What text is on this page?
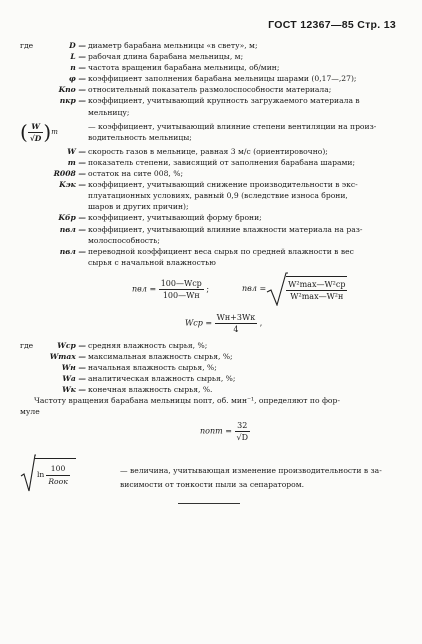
ГОСТ 12367—85 Стр. 13
где	D — диаметр барабана мельницы «в свету», м;
L — рабочая длина барабана мельницы, м;
n — частота вращения барабана мельницы, об/мин;
φ — коэффициент заполнения барабана мельницы шарами (0,17—,27);
Kпо — относительный показатель размолоспособности материала;
nкр — коэффициент, учитывающий крупность загружаемого материала в
мельницу;
( $\frac{W}{√D}$ ) m
— коэффициент, учитывающий влияние степени вентиляции на произ-
водительность мельницы;
W — скорость газов в мельнице, равная 3 м/с (ориентировочно);
m — показатель степени, зависящий от заполнения барабана шарами;
R008 — остаток на сите 008, %;
Kэк — коэффициент, учитывающий снижение производительности в экс-
плуатационных условиях, равный 0,9 (вследствие износа брони,
шаров и других причин);
Kбр — коэффициент, учитывающий форму брони;
nвл — коэффициент, учитывающий влияние влажности материала на раз-
молоспособность;
nвл — переводной коэффициент веса сырья по средней влажности в вес
сырья с начальной влажностью
nвл = $\frac{\text{100—Wср}}{100—Wн}$ ;	nвл =	$\frac{\text{W²max—W²ср}}{\text{W²max—W²н}}$
Wср = $\frac{Wн+3Wк}{4}$ ,
где	Wср — средняя влажность сырья, %;
Wmax — максимальная влажность сырья, %;
Wн — начальная влажность сырья, %;
Wа — аналитическая влажность сырья, %;
Wк — конечная влажность сырья, %.
Частоту вращения барабана мельницы nопт, об. мин⁻¹, определяют по фор-
муле
nопт = $\frac{32}{√D}$
$\ln \frac{100}{\text{Rоок}}$	— величина, учитывающая изменение производительности в за-
висимости от тонкости пыли за сепаратором.
